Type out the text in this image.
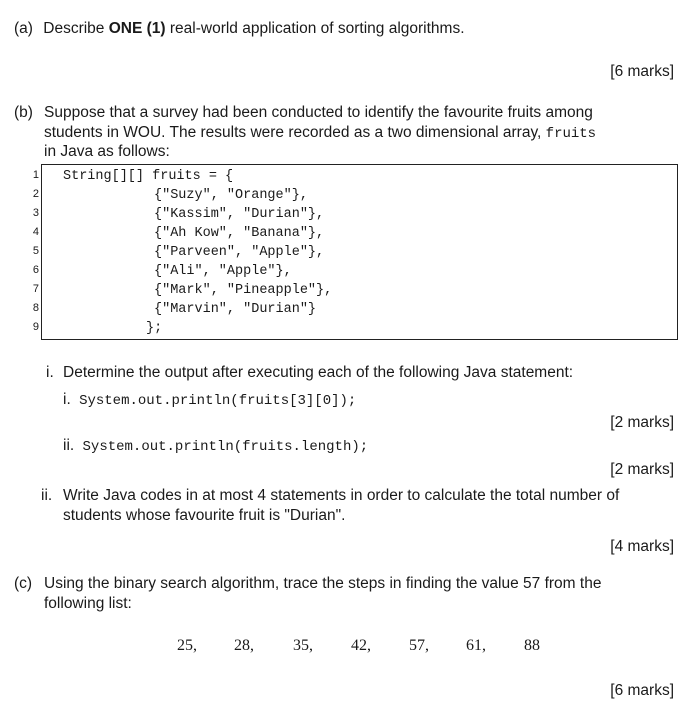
(a) Describe ONE (1) real-world application of sorting algorithms.
[6 marks]
(b) Suppose that a survey had been conducted to identify the favourite fruits among
students in WOU. The results were recorded as a two dimensional array, fruits
in Java as follows:
1
2
3
4
5
6
7
8
9
String[][] fruits = {
{"Suzy", "Orange"},
{"Kassim", "Durian"},
{"Ah Kow", "Banana"},
{"Parveen", "Apple"},
{"Ali", "Apple"},
{"Mark", "Pineapple"},
{"Marvin", "Durian"}
};
i. Determine the output after executing each of the following Java statement:
i. System.out.println(fruits[3][0]);
[2 marks]
ii. System.out.println(fruits.length);
[2 marks]
ii. Write Java codes in at most 4 statements in order to calculate the total number of
students whose favourite fruit is "Durian".
[4 marks]
(c) Using the binary search algorithm, trace the steps in finding the value 57 from the
following list:
25, 28, 35, 42, 57, 61, 88
[6 marks]
